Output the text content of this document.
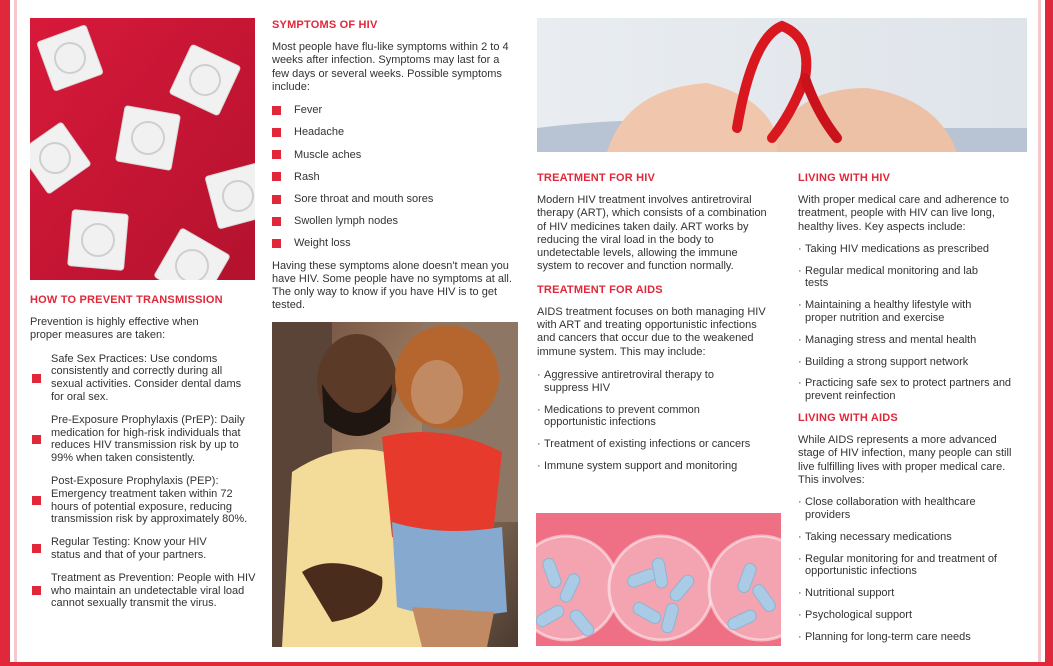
HOW TO PREVENT TRANSMISSION

Prevention is highly effective when proper measures are taken:

Safe Sex Practices: Use condoms consistently and correctly during all sexual activities. Consider dental dams for oral sex.
Pre-Exposure Prophylaxis (PrEP): Daily medication for high-risk individuals that reduces HIV transmission risk by up to 99% when taken consistently.
Post-Exposure Prophylaxis (PEP): Emergency treatment taken within 72 hours of potential exposure, reducing transmission risk by approximately 80%.
Regular Testing: Know your HIV status and that of your partners.
Treatment as Prevention: People with HIV who maintain an undetectable viral load cannot sexually transmit the virus.
SYMPTOMS OF HIV

Most people have flu-like symptoms within 2 to 4 weeks after infection. Symptoms may last for a few days or several weeks. Possible symptoms include:

Fever
Headache
Muscle aches
Rash
Sore throat and mouth sores
Swollen lymph nodes
Weight loss

Having these symptoms alone doesn't mean you have HIV. Some people have no symptoms at all. The only way to know if you have HIV is to get tested.

TREATMENT FOR HIV

Modern HIV treatment involves antiretroviral therapy (ART), which consists of a combination of HIV medicines taken daily. ART works by reducing the viral load in the body to undetectable levels, allowing the immune system to recover and function normally.

TREATMENT FOR AIDS

AIDS treatment focuses on both managing HIV with ART and treating opportunistic infections and cancers that occur due to the weakened immune system. This may include:

· Aggressive antiretroviral therapy to suppress HIV
· Medications to prevent common opportunistic infections
· Treatment of existing infections or cancers
· Immune system support and monitoring
LIVING WITH HIV

With proper medical care and adherence to treatment, people with HIV can live long, healthy lives. Key aspects include:

· Taking HIV medications as prescribed
· Regular medical monitoring and lab tests
· Maintaining a healthy lifestyle with proper nutrition and exercise
· Managing stress and mental health
· Building a strong support network
· Practicing safe sex to protect partners and prevent reinfection
LIVING WITH AIDS

While AIDS represents a more advanced stage of HIV infection, many people can still live fulfilling lives with proper medical care. This involves:

· Close collaboration with healthcare providers
· Taking necessary medications
· Regular monitoring for and treatment of opportunistic infections
· Nutritional support
· Psychological support
· Planning for long-term care needs
